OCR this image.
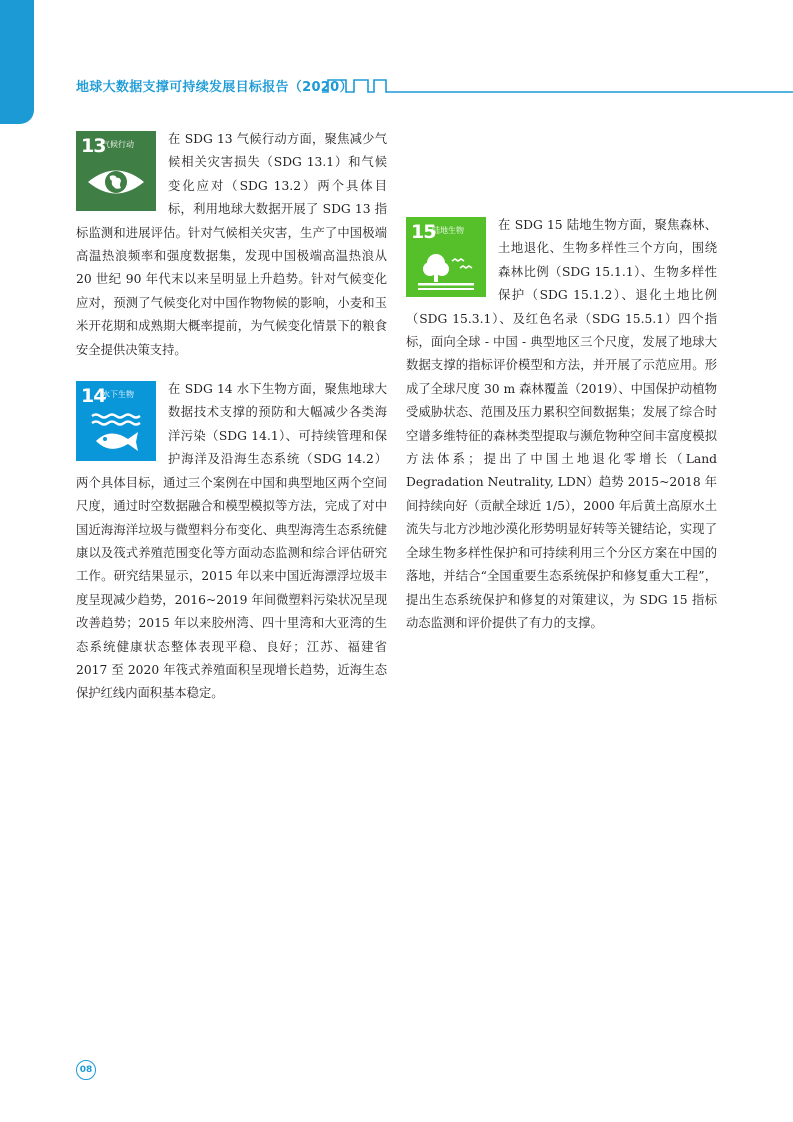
地球大数据支撑可持续发展目标报告（2020）
13
气候行动	在 SDG 13 气候行动方面，聚焦减少气候相关灾害损失（SDG 13.1）和气候变化应对（SDG 13.2）两个具体目标，利用地球大数据开展了 SDG 13 指标监测和进展评估。针对气候相关灾害，生产了中国极端高温热浪频率和强度数据集，发现中国极端高温热浪从 20 世纪 90 年代末以来呈明显上升趋势。针对气候变化应对，预测了气候变化对中国作物物候的影响，小麦和玉米开花期和成熟期大概率提前，为气候变化情景下的粮食安全提供决策支持。

14
水下生物	在 SDG 14 水下生物方面，聚焦地球大数据技术支撑的预防和大幅减少各类海洋污染（SDG 14.1）、可持续管理和保护海洋及沿海生态系统（SDG 14.2）两个具体目标，通过三个案例在中国和典型地区两个空间尺度，通过时空数据融合和模型模拟等方法，完成了对中国近海海洋垃圾与微塑料分布变化、典型海湾生态系统健康以及筏式养殖范围变化等方面动态监测和综合评估研究工作。研究结果显示，2015 年以来中国近海漂浮垃圾丰度呈现减少趋势，2016~2019 年间微塑料污染状况呈现改善趋势；2015 年以来胶州湾、四十里湾和大亚湾的生态系统健康状态整体表现平稳、良好；江苏、福建省 2017 至 2020 年筏式养殖面积呈现增长趋势，近海生态保护红线内面积基本稳定。

15
陆地生物	在 SDG 15 陆地生物方面，聚焦森林、土地退化、生物多样性三个方向，围绕森林比例（SDG 15.1.1）、生物多样性保护（SDG 15.1.2）、退化土地比例（SDG 15.3.1）、及红色名录（SDG 15.5.1）四个指标，面向全球 - 中国 - 典型地区三个尺度，发展了地球大数据支撑的指标评价模型和方法，并开展了示范应用。形成了全球尺度 30 m 森林覆盖（2019）、中国保护动植物受威胁状态、范围及压力累积空间数据集；发展了综合时空谱多维特征的森林类型提取与濒危物种空间丰富度模拟方法体系；提出了中国土地退化零增长（Land Degradation Neutrality, LDN）趋势 2015~2018 年间持续向好（贡献全球近 1/5），2000 年后黄土高原水土流失与北方沙地沙漠化形势明显好转等关键结论，实现了全球生物多样性保护和可持续利用三个分区方案在中国的落地，并结合“全国重要生态系统保护和修复重大工程”，提出生态系统保护和修复的对策建议，为 SDG 15 指标动态监测和评价提供了有力的支撑。

08
